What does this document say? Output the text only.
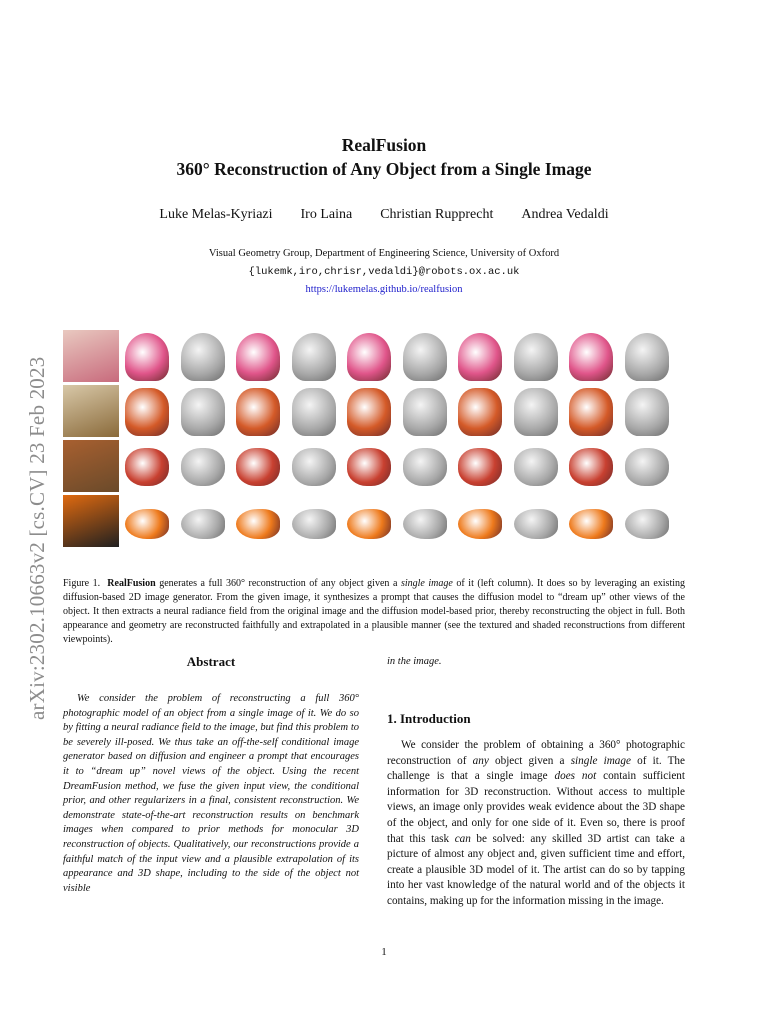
arXiv:2302.10663v2 [cs.CV] 23 Feb 2023
RealFusion
360° Reconstruction of Any Object from a Single Image
Luke Melas-Kyriazi Iro Laina Christian Rupprecht Andrea Vedaldi
Visual Geometry Group, Department of Engineering Science, University of Oxford
{lukemk,iro,chrisr,vedaldi}@robots.ox.ac.uk
https://lukemelas.github.io/realfusion
Figure 1. RealFusion generates a full 360° reconstruction of any object given a single image of it (left column). It does so by leveraging an existing diffusion-based 2D image generator. From the given image, it synthesizes a prompt that causes the diffusion model to “dream up” other views of the object. It then extracts a neural radiance field from the original image and the diffusion model-based prior, thereby reconstructing the object in full. Both appearance and geometry are reconstructed faithfully and extrapolated in a plausible manner (see the textured and shaded reconstructions from different viewpoints).
Abstract
We consider the problem of reconstructing a full 360° photographic model of an object from a single image of it. We do so by fitting a neural radiance field to the image, but find this problem to be severely ill-posed. We thus take an off-the-self conditional image generator based on diffusion and engineer a prompt that encourages it to “dream up” novel views of the object. Using the recent DreamFusion method, we fuse the given input view, the conditional prior, and other regularizers in a final, consistent reconstruction. We demonstrate state-of-the-art reconstruction results on benchmark images when compared to prior methods for monocular 3D reconstruction of objects. Qualitatively, our reconstructions provide a faithful match of the input view and a plausible extrapolation of its appearance and 3D shape, including to the side of the object not visible
in the image.
1. Introduction
We consider the problem of obtaining a 360° photographic reconstruction of any object given a single image of it. The challenge is that a single image does not contain sufficient information for 3D reconstruction. Without access to multiple views, an image only provides weak evidence about the 3D shape of the object, and only for one side of it. Even so, there is proof that this task can be solved: any skilled 3D artist can take a picture of almost any object and, given sufficient time and effort, create a plausible 3D model of it. The artist can do so by tapping into her vast knowledge of the natural world and of the objects it contains, making up for the information missing in the image.
1
